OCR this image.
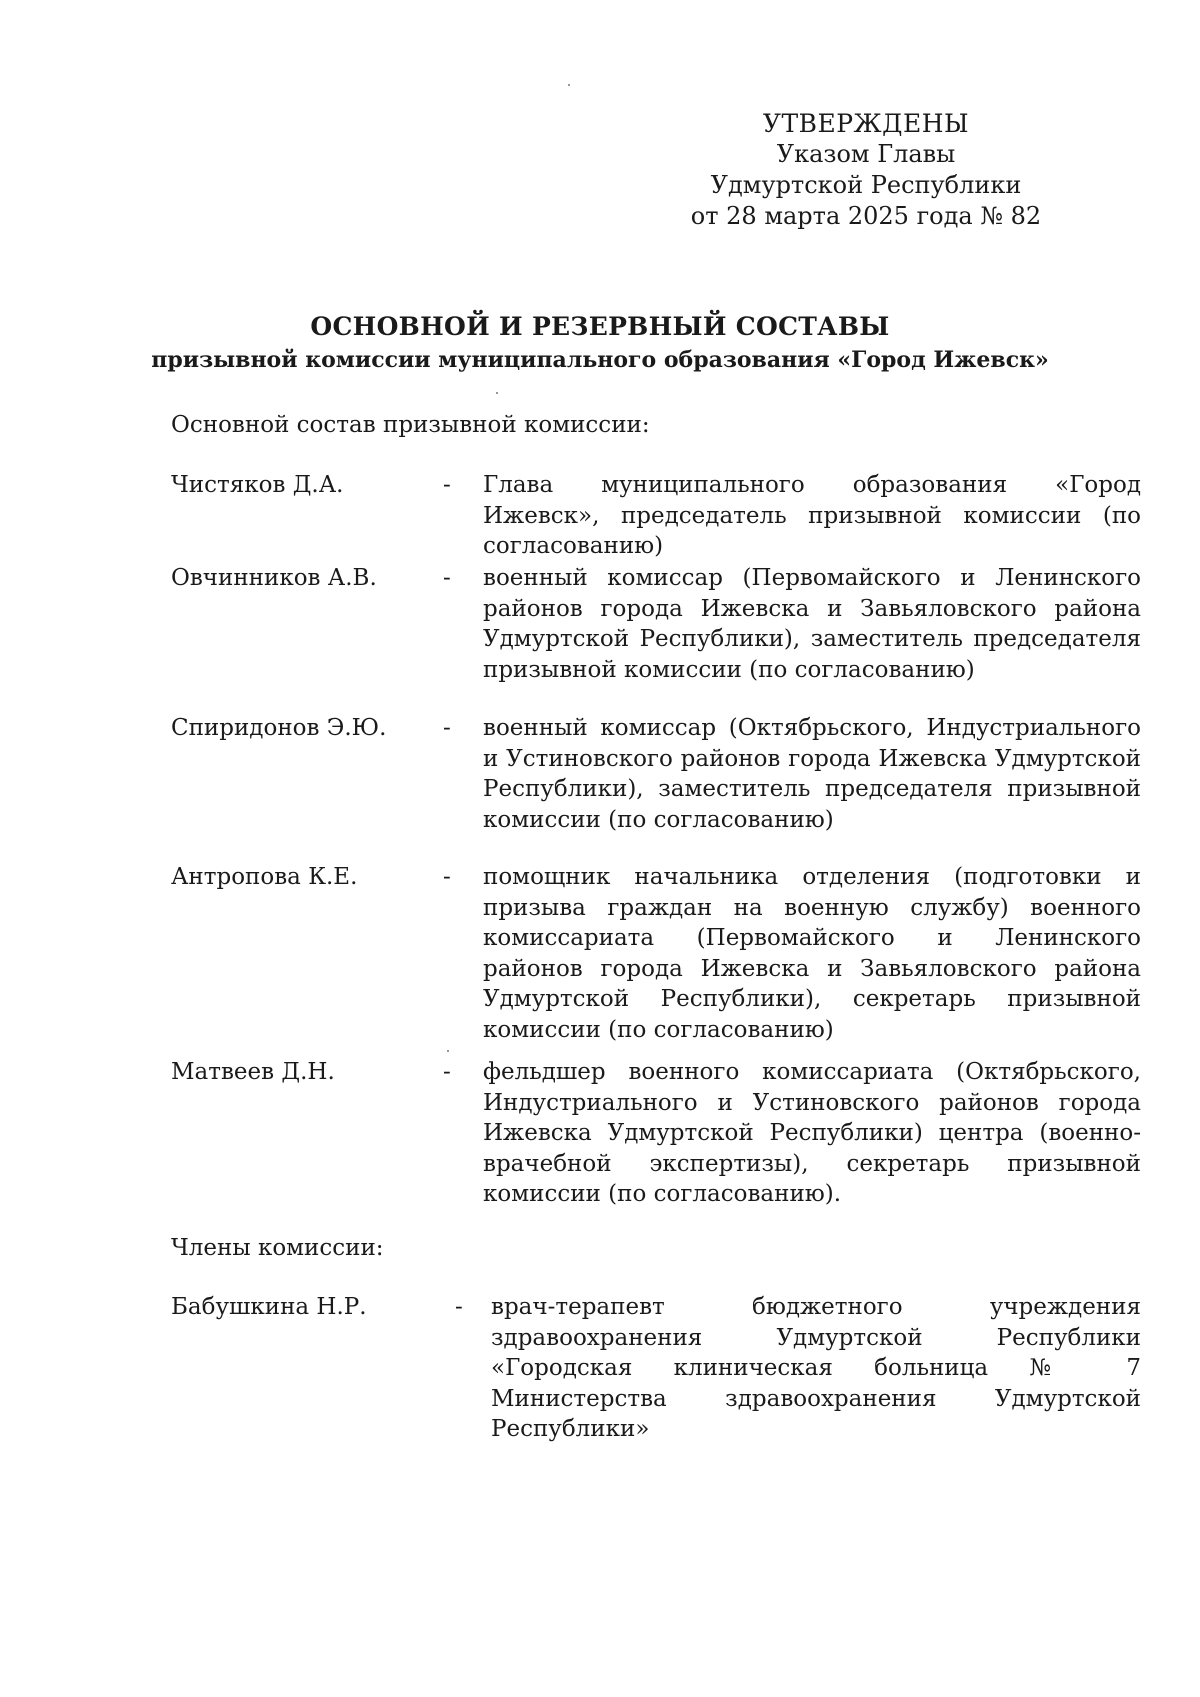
УТВЕРЖДЕНЫ
Указом Главы
Удмуртской Республики
от 28 марта 2025 года № 82
ОСНОВНОЙ И РЕЗЕРВНЫЙ СОСТАВЫ
призывной комиссии муниципального образования «Город Ижевск»
Основной состав призывной комиссии:
Чистяков Д.А.	- Глава муниципального образования «Город Ижевск», председатель призывной комиссии (по согласованию)
Овчинников А.В.	- военный комиссар (Первомайского и Ленинского районов города Ижевска и Завьяловского района Удмуртской Республики), заместитель председателя призывной комиссии (по согласованию)
Спиридонов Э.Ю. - военный комиссар (Октябрьского, Индустриального и Устиновского районов города Ижевска Удмуртской Республики), заместитель председателя призывной комиссии (по согласованию)
Антропова К.Е.	- помощник начальника отделения (подготовки и призыва граждан на военную службу) военного комиссариата (Первомайского и Ленинского районов города Ижевска и Завьяловского района Удмуртской Республики), секретарь призывной комиссии (по согласованию)
Матвеев Д.Н.	- фельдшер военного комиссариата (Октябрьского, Индустриального и Устиновского районов города Ижевска Удмуртской Республики) центра (военно-врачебной экспертизы), секретарь призывной комиссии (по согласованию).
Члены комиссии:
Бабушкина Н.Р.	- врач-терапевт бюджетного учреждения здравоохранения Удмуртской Республики «Городская клиническая больница № 7 Министерства здравоохранения Удмуртской Республики»
